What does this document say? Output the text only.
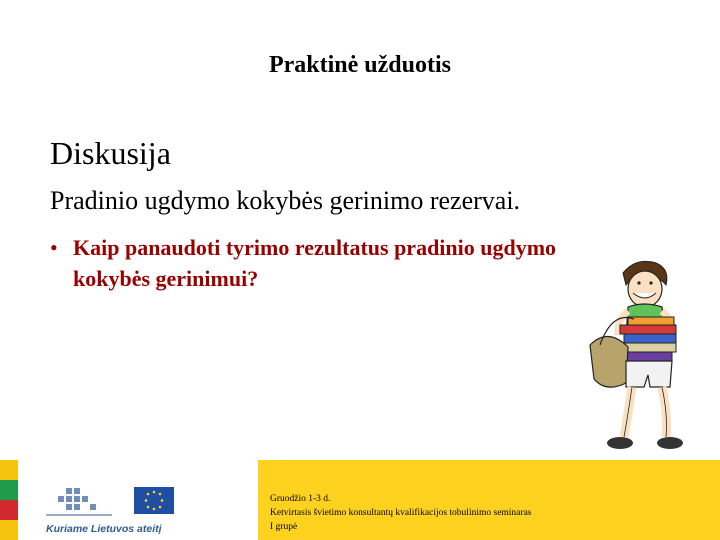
Praktinė užduotis
Diskusija
Pradinio ugdymo kokybės gerinimo rezervai.
• Kaip panaudoti tyrimo rezultatus pradinio ugdymo kokybės gerinimui?
Kuriame Lietuvos ateitį
Gruodžio 1-3 d.
Ketvirtasis švietimo konsultantų kvalifikacijos tobulinimo seminaras
I grupė
